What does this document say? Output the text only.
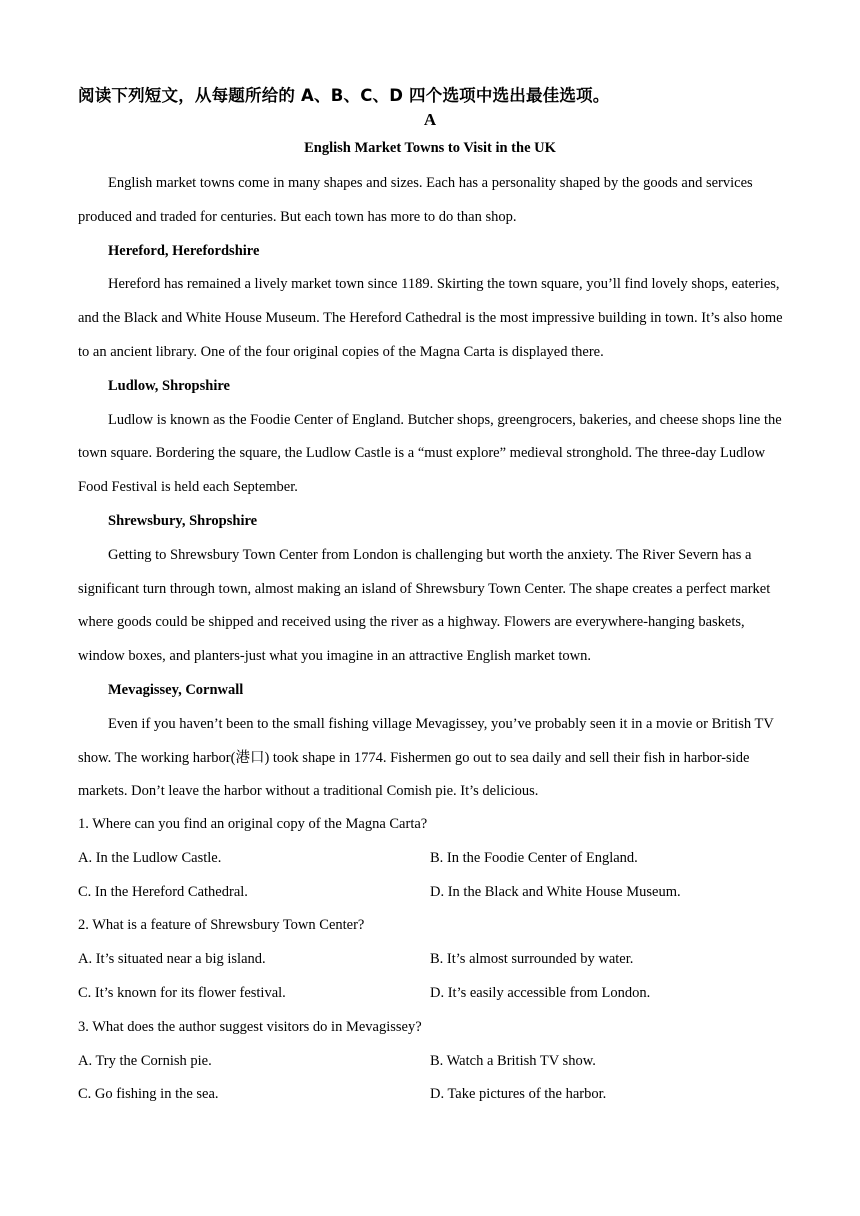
阅读下列短文，从每题所给的 A、B、C、D 四个选项中选出最佳选项。
A
English Market Towns to Visit in the UK

English market towns come in many shapes and sizes. Each has a personality shaped by the goods and services produced and traded for centuries. But each town has more to do than shop.

Hereford, Herefordshire

Hereford has remained a lively market town since 1189. Skirting the town square, you’ll find lovely shops, eateries, and the Black and White House Museum. The Hereford Cathedral is the most impressive building in town. It’s also home to an ancient library. One of the four original copies of the Magna Carta is displayed there.

Ludlow, Shropshire

Ludlow is known as the Foodie Center of England. Butcher shops, greengrocers, bakeries, and cheese shops line the town square. Bordering the square, the Ludlow Castle is a “must explore” medieval stronghold. The three-day Ludlow Food Festival is held each September.

Shrewsbury, Shropshire

Getting to Shrewsbury Town Center from London is challenging but worth the anxiety. The River Severn has a significant turn through town, almost making an island of Shrewsbury Town Center. The shape creates a perfect market where goods could be shipped and received using the river as a highway. Flowers are everywhere-hanging baskets, window boxes, and planters-just what you imagine in an attractive English market town.

Mevagissey, Cornwall

Even if you haven’t been to the small fishing village Mevagissey, you’ve probably seen it in a movie or British TV show. The working harbor(港口) took shape in 1774. Fishermen go out to sea daily and sell their fish in harbor-side markets. Don’t leave the harbor without a traditional Comish pie. It’s delicious.

1. Where can you find an original copy of the Magna Carta?
A. In the Ludlow Castle.	B. In the Foodie Center of England.
C. In the Hereford Cathedral.	D. In the Black and White House Museum.
2. What is a feature of Shrewsbury Town Center?
A. It’s situated near a big island.	B. It’s almost surrounded by water.
C. It’s known for its flower festival.	D. It’s easily accessible from London.
3. What does the author suggest visitors do in Mevagissey?
A. Try the Cornish pie.	B. Watch a British TV show.
C. Go fishing in the sea.	D. Take pictures of the harbor.
